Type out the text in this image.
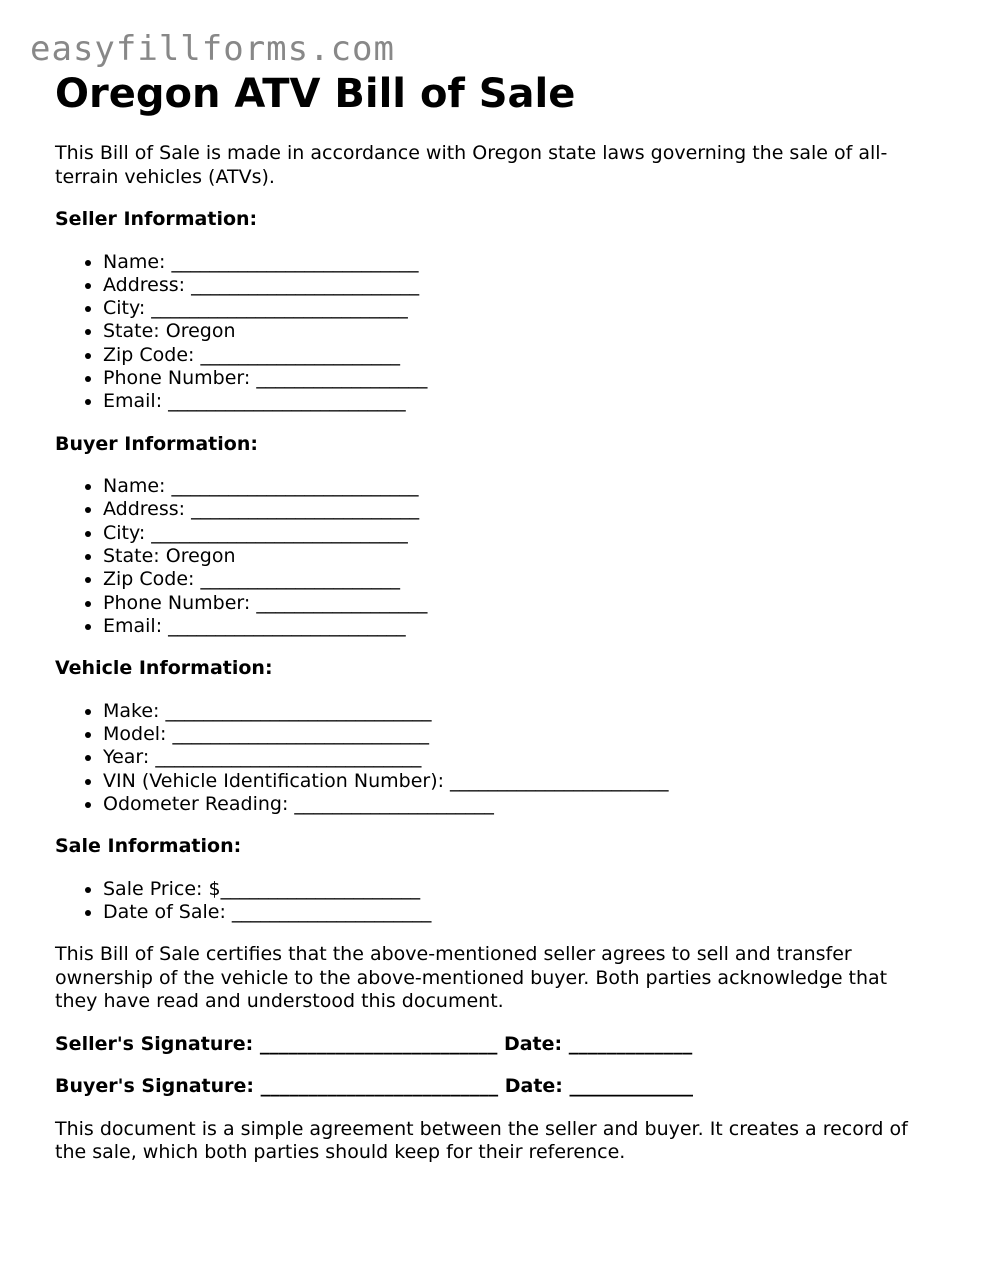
easyfillforms.com
Oregon ATV Bill of Sale

This Bill of Sale is made in accordance with Oregon state laws governing the sale of all-terrain vehicles (ATVs).

Seller Information:
• Name: __________________________
• Address: ________________________
• City: ___________________________
• State: Oregon
• Zip Code: _____________________
• Phone Number: __________________
• Email: _________________________
Buyer Information:
• Name: __________________________
• Address: ________________________
• City: ___________________________
• State: Oregon
• Zip Code: _____________________
• Phone Number: __________________
• Email: _________________________
Vehicle Information:
• Make: ____________________________
• Model: ___________________________
• Year: ____________________________
• VIN (Vehicle Identification Number): _______________________
• Odometer Reading: _____________________
Sale Information:
• Sale Price: $_____________________
• Date of Sale: _____________________

This Bill of Sale certifies that the above-mentioned seller agrees to sell and transfer ownership of the vehicle to the above-mentioned buyer. Both parties acknowledge that they have read and understood this document.

Seller's Signature: _________________________ Date: _____________
Buyer's Signature: _________________________ Date: _____________

This document is a simple agreement between the seller and buyer. It creates a record of the sale, which both parties should keep for their reference.
